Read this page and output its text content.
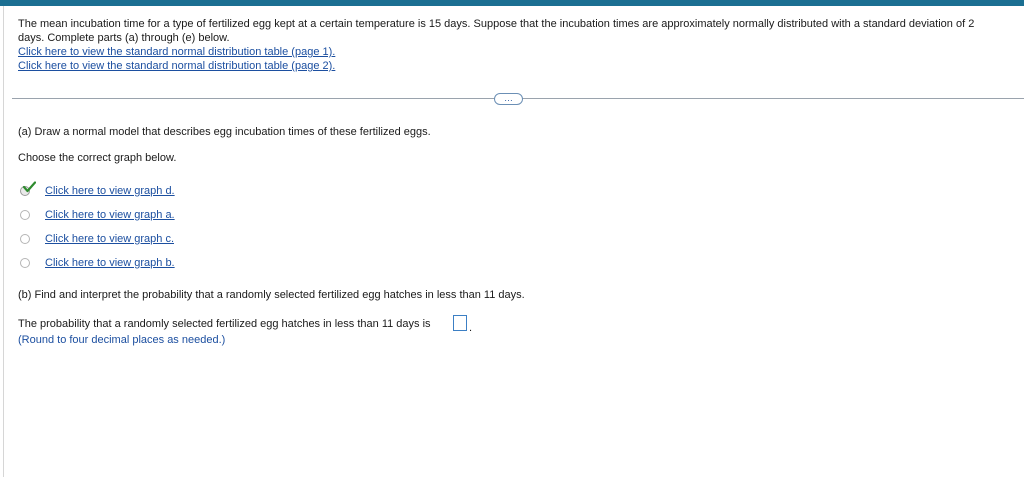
The mean incubation time for a type of fertilized egg kept at a certain temperature is 15 days. Suppose that the incubation times are approximately normally distributed with a standard deviation of 2
days. Complete parts (a) through (e) below.
Click here to view the standard normal distribution table (page 1).
Click here to view the standard normal distribution table (page 2).
…
(a) Draw a normal model that describes egg incubation times of these fertilized eggs.
Choose the correct graph below.
Click here to view graph d.
Click here to view graph a.
Click here to view graph c.
Click here to view graph b.
(b) Find and interpret the probability that a randomly selected fertilized egg hatches in less than 11 days.
The probability that a randomly selected fertilized egg hatches in less than 11 days is	.
(Round to four decimal places as needed.)
